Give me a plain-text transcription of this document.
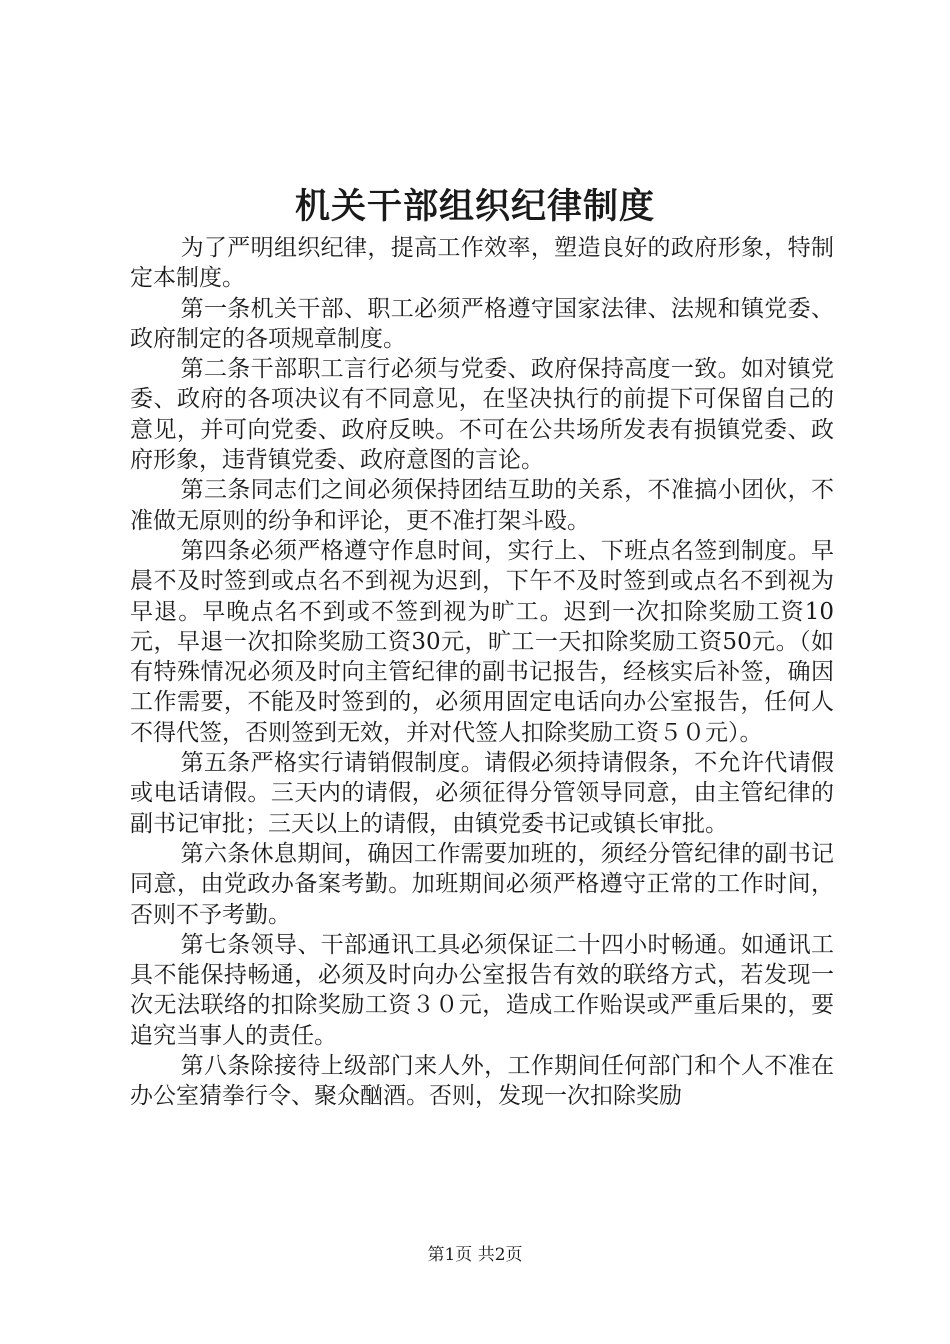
机关干部组织纪律制度

为了严明组织纪律，提高工作效率，塑造良好的政府形象，特制定本制度。

第一条机关干部、职工必须严格遵守国家法律、法规和镇党委、政府制定的各项规章制度。

第二条干部职工言行必须与党委、政府保持高度一致。如对镇党委、政府的各项决议有不同意见，在坚决执行的前提下可保留自己的意见，并可向党委、政府反映。不可在公共场所发表有损镇党委、政府形象，违背镇党委、政府意图的言论。

第三条同志们之间必须保持团结互助的关系，不准搞小团伙，不准做无原则的纷争和评论，更不准打架斗殴。

第四条必须严格遵守作息时间，实行上、下班点名签到制度。早晨不及时签到或点名不到视为迟到，下午不及时签到或点名不到视为早退。早晚点名不到或不签到视为旷工。迟到一次扣除奖励工资10元，早退一次扣除奖励工资30元，旷工一天扣除奖励工资50元。（如有特殊情况必须及时向主管纪律的副书记报告，经核实后补签，确因工作需要，不能及时签到的，必须用固定电话向办公室报告，任何人不得代签，否则签到无效，并对代签人扣除奖励工资５０元）。

第五条严格实行请销假制度。请假必须持请假条，不允许代请假或电话请假。三天内的请假，必须征得分管领导同意，由主管纪律的副书记审批；三天以上的请假，由镇党委书记或镇长审批。

第六条休息期间，确因工作需要加班的，须经分管纪律的副书记同意，由党政办备案考勤。加班期间必须严格遵守正常的工作时间，否则不予考勤。

第七条领导、干部通讯工具必须保证二十四小时畅通。如通讯工具不能保持畅通，必须及时向办公室报告有效的联络方式，若发现一次无法联络的扣除奖励工资３０元，造成工作贻误或严重后果的，要追究当事人的责任。

第八条除接待上级部门来人外，工作期间任何部门和个人不准在办公室猜拳行令、聚众酗酒。否则，发现一次扣除奖励

第1页 共2页
